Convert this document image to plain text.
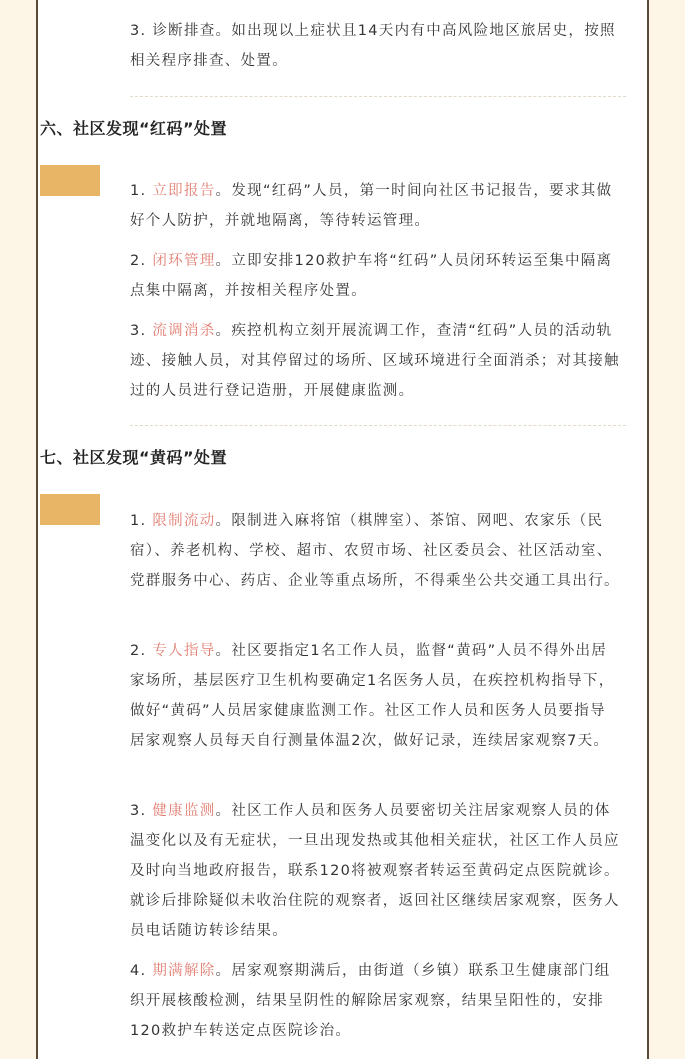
3. 诊断排查。如出现以上症状且14天内有中高风险地区旅居史，按照相关程序排查、处置。

六、社区发现“红码”处置

1. 立即报告。发现“红码”人员，第一时间向社区书记报告，要求其做好个人防护，并就地隔离，等待转运管理。

2. 闭环管理。立即安排120救护车将“红码”人员闭环转运至集中隔离点集中隔离，并按相关程序处置。

3. 流调消杀。疾控机构立刻开展流调工作，查清“红码”人员的活动轨迹、接触人员，对其停留过的场所、区域环境进行全面消杀；对其接触过的人员进行登记造册，开展健康监测。

七、社区发现“黄码”处置

1. 限制流动。限制进入麻将馆（棋牌室）、茶馆、网吧、农家乐（民宿）、养老机构、学校、超市、农贸市场、社区委员会、社区活动室、党群服务中心、药店、企业等重点场所，不得乘坐公共交通工具出行。

2. 专人指导。社区要指定1名工作人员，监督“黄码”人员不得外出居家场所，基层医疗卫生机构要确定1名医务人员，在疾控机构指导下，做好“黄码”人员居家健康监测工作。社区工作人员和医务人员要指导居家观察人员每天自行测量体温2次，做好记录，连续居家观察7天。

3. 健康监测。社区工作人员和医务人员要密切关注居家观察人员的体温变化以及有无症状，一旦出现发热或其他相关症状，社区工作人员应及时向当地政府报告，联系120将被观察者转运至黄码定点医院就诊。就诊后排除疑似未收治住院的观察者，返回社区继续居家观察，医务人员电话随访转诊结果。

4. 期满解除。居家观察期满后，由街道（乡镇）联系卫生健康部门组织开展核酸检测，结果呈阴性的解除居家观察，结果呈阳性的，安排120救护车转送定点医院诊治。
